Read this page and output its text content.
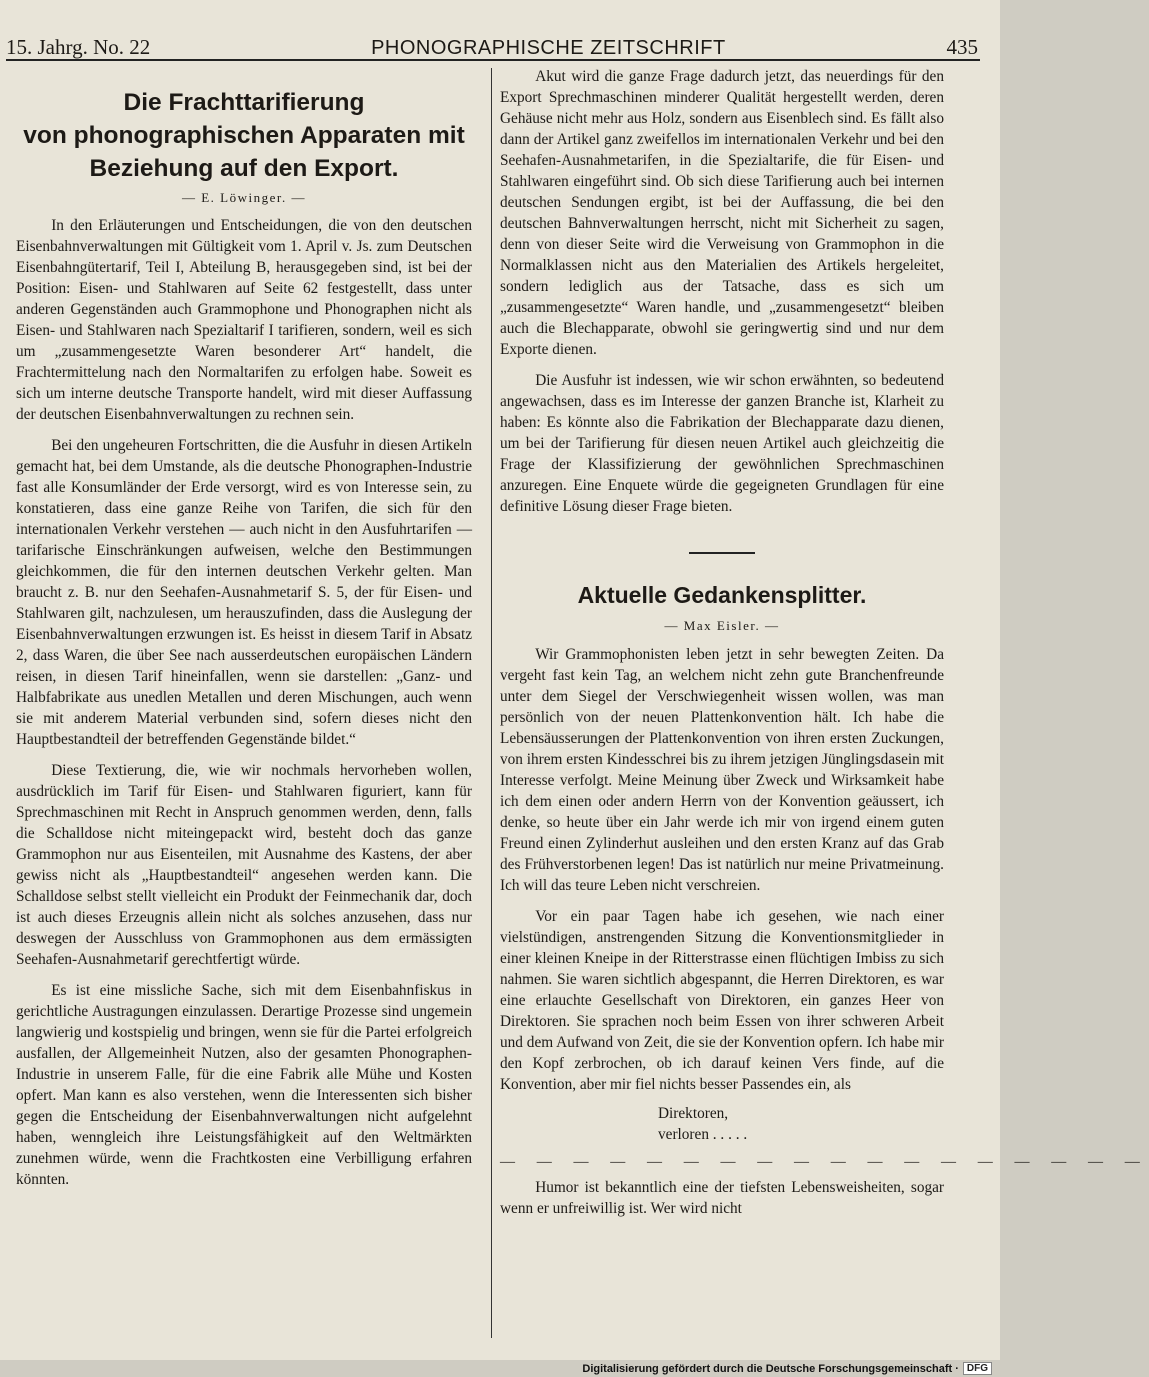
15. Jahrg. No. 22	PHONOGRAPHISCHE ZEITSCHRIFT	435
Die Frachttarifierung
von phonographischen Apparaten mit
Beziehung auf den Export.
— E. Löwinger. —

In den Erläuterungen und Entscheidungen, die von den deutschen Eisenbahnverwaltungen mit Gültigkeit vom 1. April v. Js. zum Deutschen Eisenbahngütertarif, Teil I, Abteilung B, herausgegeben sind, ist bei der Position: Eisen- und Stahlwaren auf Seite 62 festgestellt, dass unter anderen Gegenständen auch Grammophone und Phonographen nicht als Eisen- und Stahlwaren nach Spezialtarif I tarifieren, sondern, weil es sich um „zusammengesetzte Waren besonderer Art“ handelt, die Frachtermittelung nach den Normaltarifen zu erfolgen habe. Soweit es sich um interne deutsche Transporte handelt, wird mit dieser Auffassung der deutschen Eisenbahnverwaltungen zu rechnen sein.

Bei den ungeheuren Fortschritten, die die Ausfuhr in diesen Artikeln gemacht hat, bei dem Umstande, als die deutsche Phonographen-Industrie fast alle Konsumländer der Erde versorgt, wird es von Interesse sein, zu konstatieren, dass eine ganze Reihe von Tarifen, die sich für den internationalen Verkehr verstehen — auch nicht in den Ausfuhrtarifen — tarifarische Einschränkungen aufweisen, welche den Bestimmungen gleichkommen, die für den internen deutschen Verkehr gelten. Man braucht z. B. nur den Seehafen-Ausnahmetarif S. 5, der für Eisen- und Stahlwaren gilt, nachzulesen, um herauszufinden, dass die Auslegung der Eisenbahnverwaltungen erzwungen ist. Es heisst in diesem Tarif in Absatz 2, dass Waren, die über See nach ausserdeutschen europäischen Ländern reisen, in diesen Tarif hineinfallen, wenn sie darstellen: „Ganz- und Halbfabrikate aus unedlen Metallen und deren Mischungen, auch wenn sie mit anderem Material verbunden sind, sofern dieses nicht den Hauptbestandteil der betreffenden Gegenstände bildet.“

Diese Textierung, die, wie wir nochmals hervorheben wollen, ausdrücklich im Tarif für Eisen- und Stahlwaren figuriert, kann für Sprechmaschinen mit Recht in Anspruch genommen werden, denn, falls die Schalldose nicht miteingepackt wird, besteht doch das ganze Grammophon nur aus Eisenteilen, mit Ausnahme des Kastens, der aber gewiss nicht als „Hauptbestandteil“ angesehen werden kann. Die Schalldose selbst stellt vielleicht ein Produkt der Feinmechanik dar, doch ist auch dieses Erzeugnis allein nicht als solches anzusehen, dass nur deswegen der Ausschluss von Grammophonen aus dem ermässigten Seehafen-Ausnahmetarif gerechtfertigt würde.

Es ist eine missliche Sache, sich mit dem Eisenbahnfiskus in gerichtliche Austragungen einzulassen. Derartige Prozesse sind ungemein langwierig und kostspielig und bringen, wenn sie für die Partei erfolgreich ausfallen, der Allgemeinheit Nutzen, also der gesamten Phonographen-Industrie in unserem Falle, für die eine Fabrik alle Mühe und Kosten opfert. Man kann es also verstehen, wenn die Interessenten sich bisher gegen die Entscheidung der Eisenbahnverwaltungen nicht aufgelehnt haben, wenngleich ihre Leistungsfähigkeit auf den Weltmärkten zunehmen würde, wenn die Frachtkosten eine Verbilligung erfahren könnten.

Akut wird die ganze Frage dadurch jetzt, das neuerdings für den Export Sprechmaschinen minderer Qualität hergestellt werden, deren Gehäuse nicht mehr aus Holz, sondern aus Eisenblech sind. Es fällt also dann der Artikel ganz zweifellos im internationalen Verkehr und bei den Seehafen-Ausnahmetarifen, in die Spezialtarife, die für Eisen- und Stahlwaren eingeführt sind. Ob sich diese Tarifierung auch bei internen deutschen Sendungen ergibt, ist bei der Auffassung, die bei den deutschen Bahnverwaltungen herrscht, nicht mit Sicherheit zu sagen, denn von dieser Seite wird die Verweisung von Grammophon in die Normalklassen nicht aus den Materialien des Artikels hergeleitet, sondern lediglich aus der Tatsache, dass es sich um „zusammengesetzte“ Waren handle, und „zusammengesetzt“ bleiben auch die Blechapparate, obwohl sie geringwertig sind und nur dem Exporte dienen.

Die Ausfuhr ist indessen, wie wir schon erwähnten, so bedeutend angewachsen, dass es im Interesse der ganzen Branche ist, Klarheit zu haben: Es könnte also die Fabrikation der Blechapparate dazu dienen, um bei der Tarifierung für diesen neuen Artikel auch gleichzeitig die Frage der Klassifizierung der gewöhnlichen Sprechmaschinen anzuregen. Eine Enquete würde die gegeigneten Grundlagen für eine definitive Lösung dieser Frage bieten.

Aktuelle Gedankensplitter.
— Max Eisler. —

Wir Grammophonisten leben jetzt in sehr bewegten Zeiten. Da vergeht fast kein Tag, an welchem nicht zehn gute Branchenfreunde unter dem Siegel der Verschwiegenheit wissen wollen, was man persönlich von der neuen Plattenkonvention hält. Ich habe die Lebensäusserungen der Plattenkonvention von ihren ersten Zuckungen, von ihrem ersten Kindesschrei bis zu ihrem jetzigen Jünglingsdasein mit Interesse verfolgt. Meine Meinung über Zweck und Wirksamkeit habe ich dem einen oder andern Herrn von der Konvention geäussert, ich denke, so heute über ein Jahr werde ich mir von irgend einem guten Freund einen Zylinderhut ausleihen und den ersten Kranz auf das Grab des Frühverstorbenen legen! Das ist natürlich nur meine Privatmeinung. Ich will das teure Leben nicht verschreien.

Vor ein paar Tagen habe ich gesehen, wie nach einer vielstündigen, anstrengenden Sitzung die Konventionsmitglieder in einer kleinen Kneipe in der Ritterstrasse einen flüchtigen Imbiss zu sich nahmen. Sie waren sichtlich abgespannt, die Herren Direktoren, es war eine erlauchte Gesellschaft von Direktoren, ein ganzes Heer von Direktoren. Sie sprachen noch beim Essen von ihrer schweren Arbeit und dem Aufwand von Zeit, die sie der Konvention opfern. Ich habe mir den Kopf zerbrochen, ob ich darauf keinen Vers finde, auf die Konvention, aber mir fiel nichts besser Passendes ein, als

Direktoren,
verloren . . . . .
— — — — — — — — — — — — — — — — — —

Humor ist bekanntlich eine der tiefsten Lebensweisheiten, sogar wenn er unfreiwillig ist. Wer wird nicht

Digitalisierung gefördert durch die Deutsche Forschungsgemeinschaft · DFG
